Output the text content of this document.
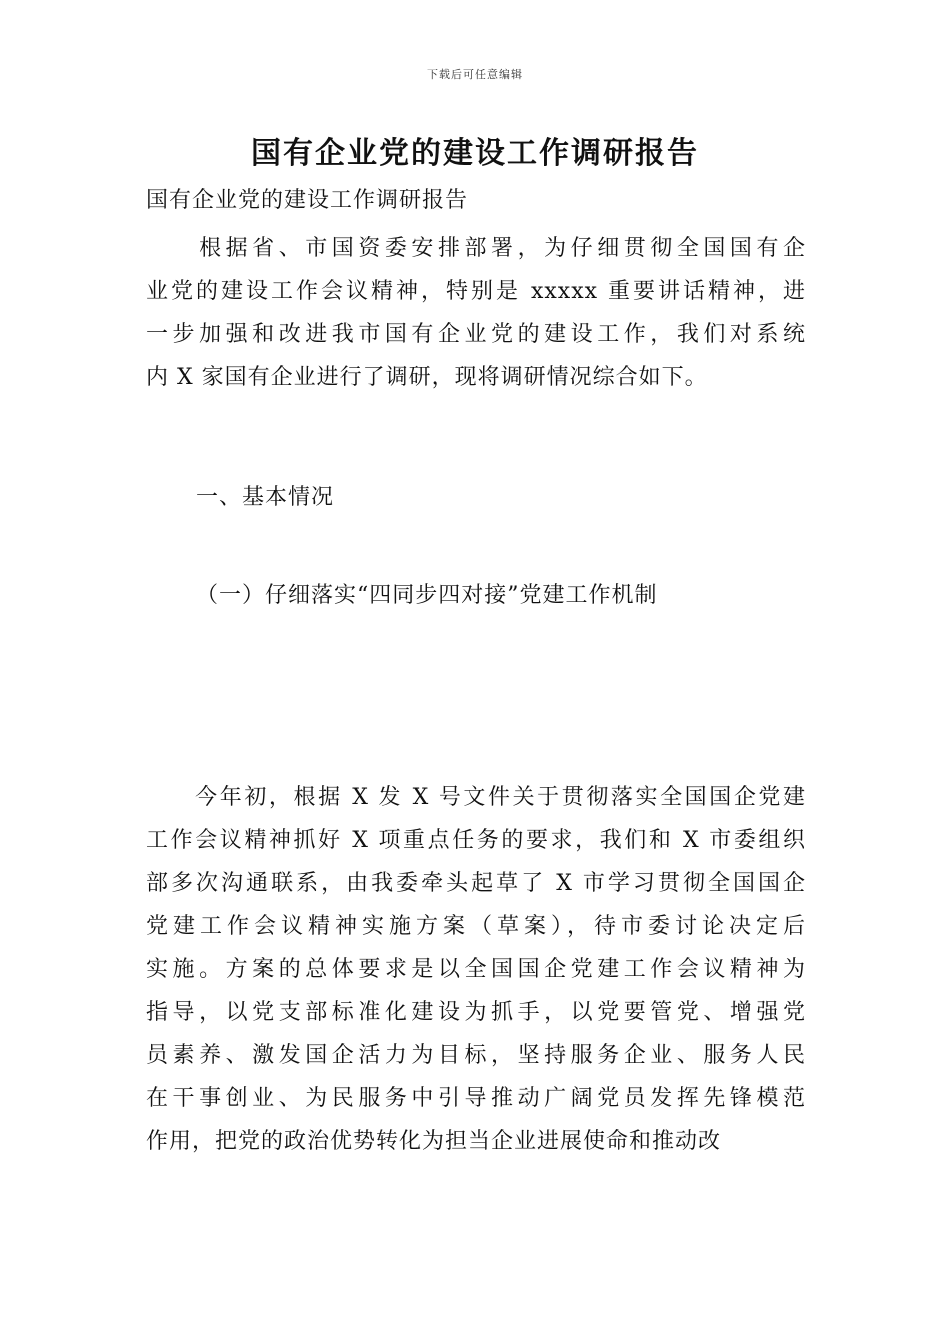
下载后可任意编辑
国有企业党的建设工作调研报告
国有企业党的建设工作调研报告
　　根据省、市国资委安排部署，为仔细贯彻全国国有企
业党的建设工作会议精神，特别是 xxxxx 重要讲话精神，进
一步加强和改进我市国有企业党的建设工作，我们对系统
内 X 家国有企业进行了调研，现将调研情况综合如下。
一、基本情况
（一）仔细落实“四同步四对接”党建工作机制
　　今年初，根据 X 发 X 号文件关于贯彻落实全国国企党建
工作会议精神抓好 X 项重点任务的要求，我们和 X 市委组织
部多次沟通联系，由我委牵头起草了 X 市学习贯彻全国国企
党建工作会议精神实施方案（草案），待市委讨论决定后
实施。方案的总体要求是以全国国企党建工作会议精神为
指导，以党支部标准化建设为抓手，以党要管党、增强党
员素养、激发国企活力为目标，坚持服务企业、服务人民
在干事创业、为民服务中引导推动广阔党员发挥先锋模范
作用，把党的政治优势转化为担当企业进展使命和推动改
